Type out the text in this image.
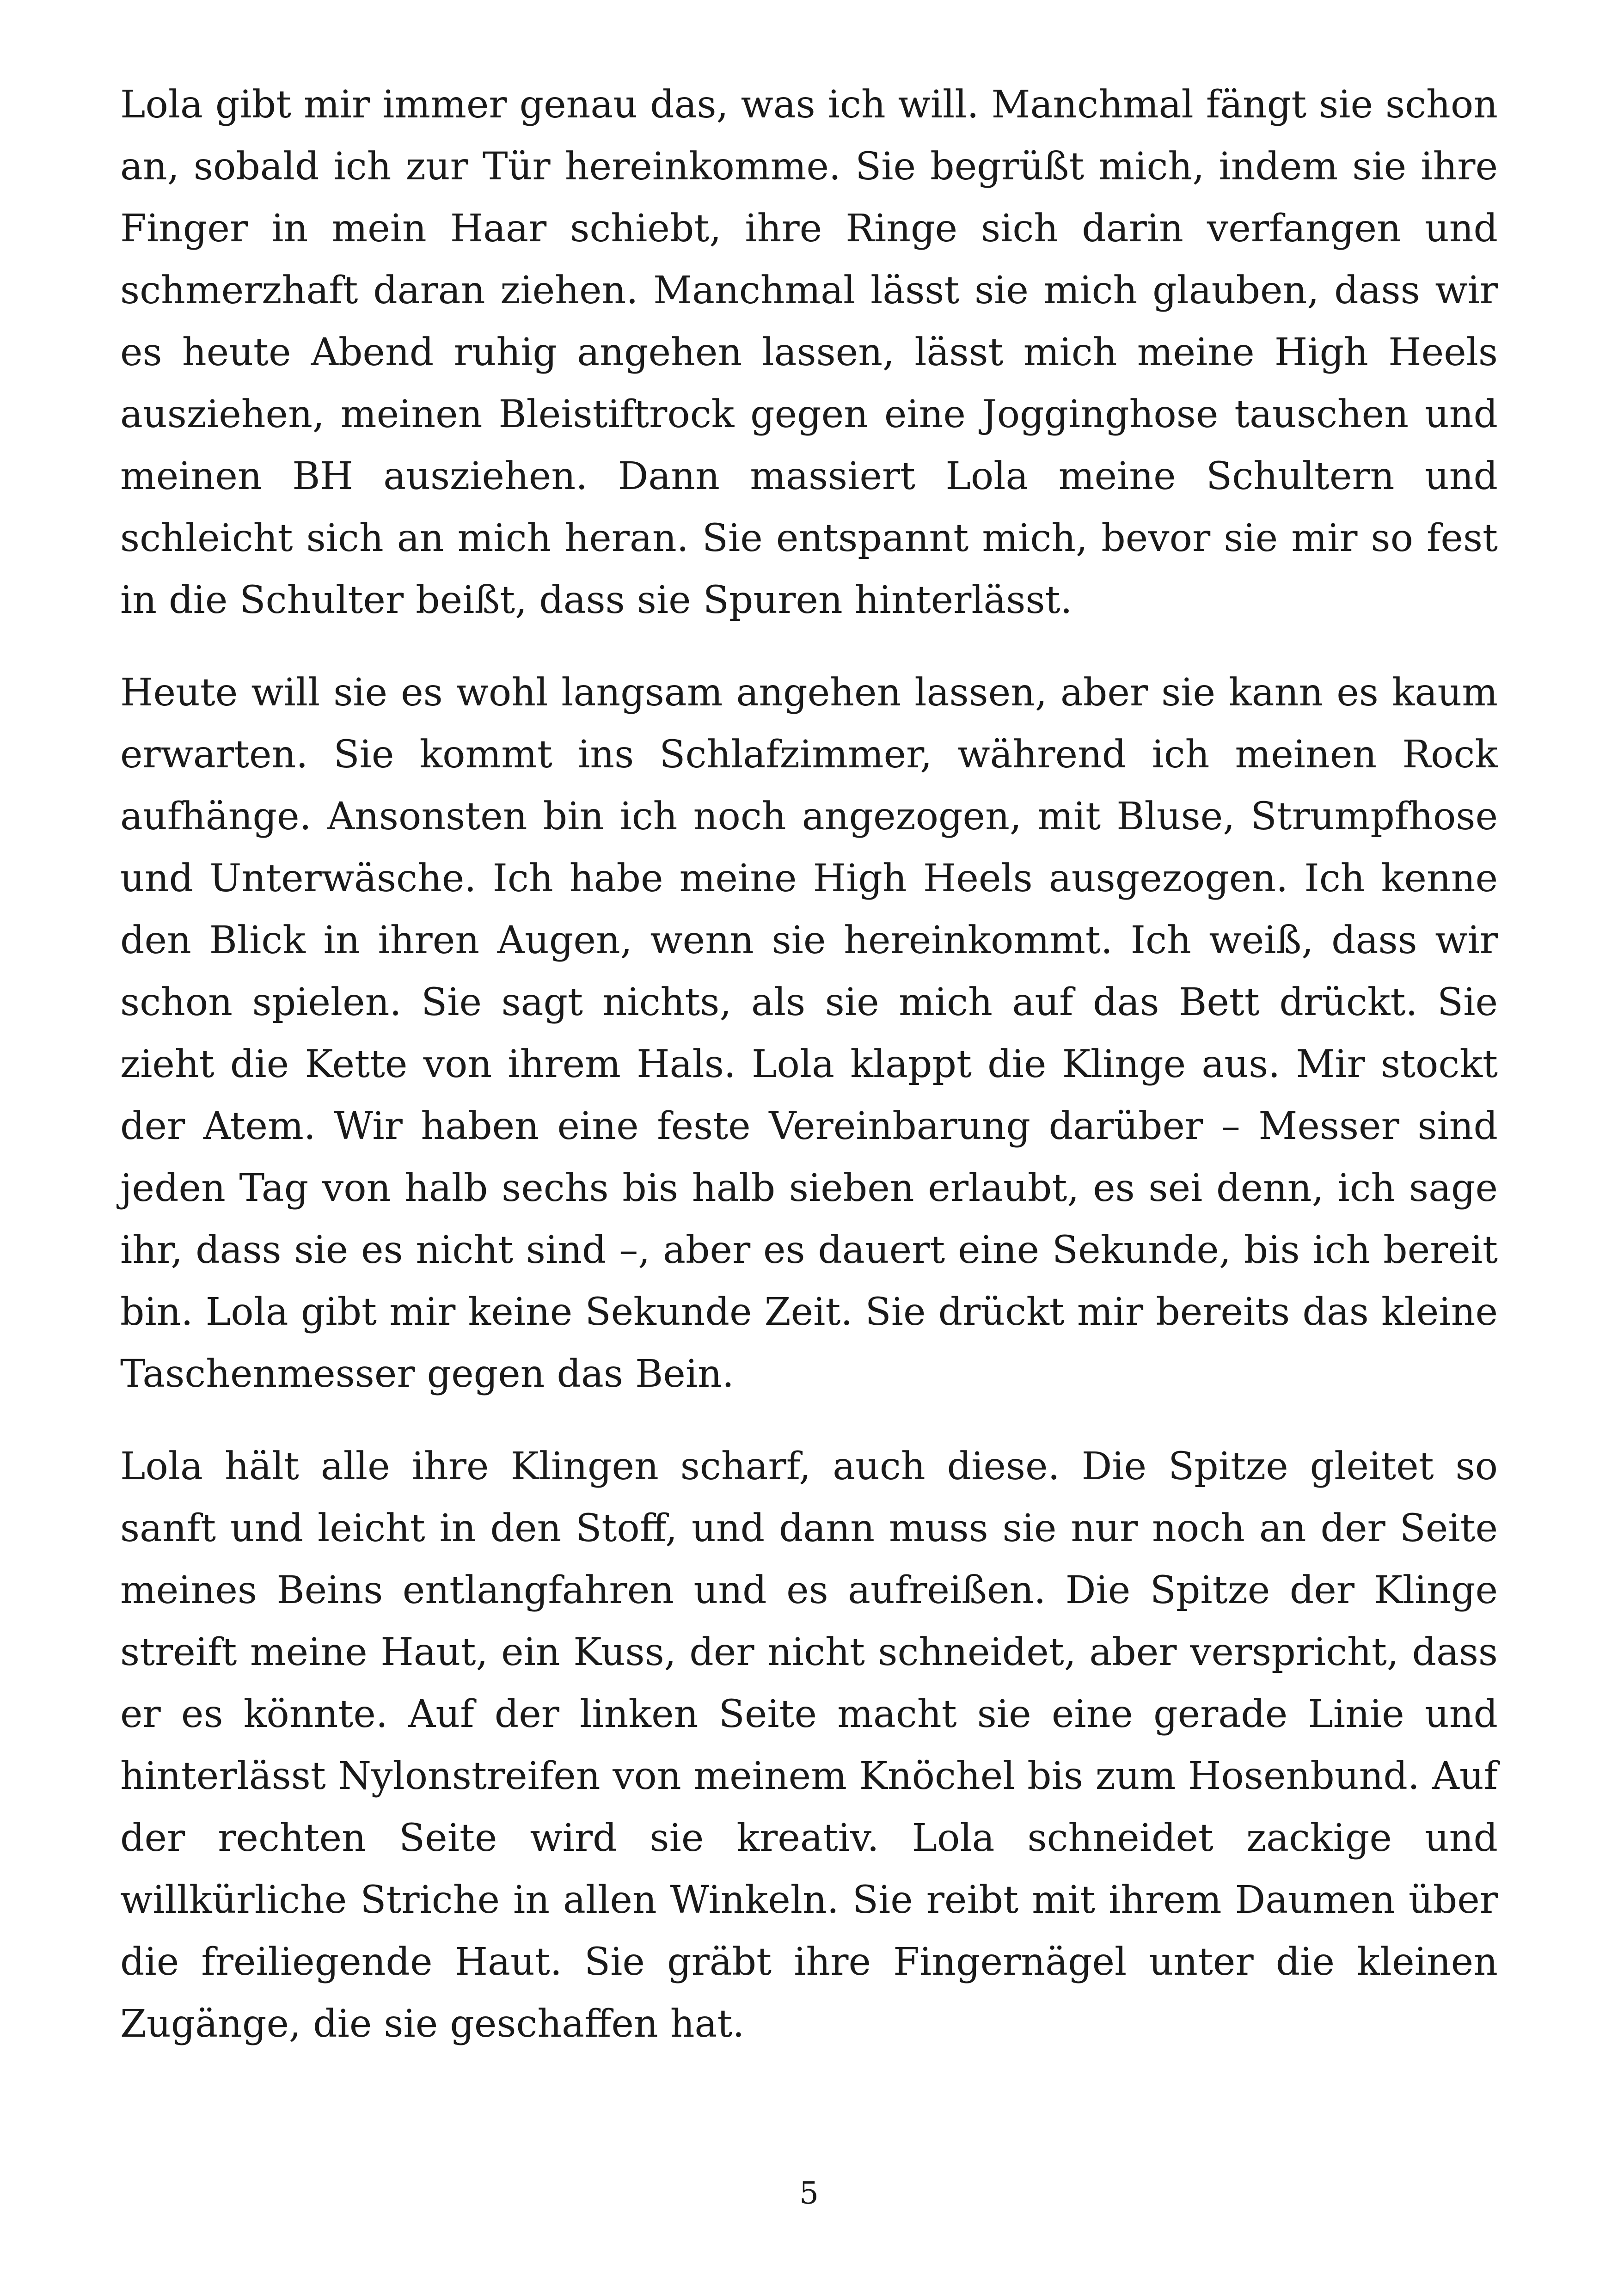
Lola gibt mir immer genau das, was ich will. Manchmal fängt sie schon an, sobald ich zur Tür hereinkomme. Sie begrüßt mich, indem sie ihre Finger in mein Haar schiebt, ihre Ringe sich darin verfangen und schmerzhaft daran ziehen. Manchmal lässt sie mich glauben, dass wir es heute Abend ruhig angehen lassen, lässt mich meine High Heels ausziehen, meinen Bleistiftrock gegen eine Jogginghose tauschen und meinen BH ausziehen. Dann massiert Lola meine Schultern und schleicht sich an mich heran. Sie entspannt mich, bevor sie mir so fest in die Schulter beißt, dass sie Spuren hinterlässt.

Heute will sie es wohl langsam angehen lassen, aber sie kann es kaum erwarten. Sie kommt ins Schlafzimmer, während ich meinen Rock aufhänge. Ansonsten bin ich noch angezogen, mit Bluse, Strumpfhose und Unterwäsche. Ich habe meine High Heels ausgezogen. Ich kenne den Blick in ihren Augen, wenn sie hereinkommt. Ich weiß, dass wir schon spielen. Sie sagt nichts, als sie mich auf das Bett drückt. Sie zieht die Kette von ihrem Hals. Lola klappt die Klinge aus. Mir stockt der Atem. Wir haben eine feste Vereinbarung darüber – Messer sind jeden Tag von halb sechs bis halb sieben erlaubt, es sei denn, ich sage ihr, dass sie es nicht sind –, aber es dauert eine Sekunde, bis ich bereit bin. Lola gibt mir keine Sekunde Zeit. Sie drückt mir bereits das kleine Taschenmesser gegen das Bein.

Lola hält alle ihre Klingen scharf, auch diese. Die Spitze gleitet so sanft und leicht in den Stoff, und dann muss sie nur noch an der Seite meines Beins entlangfahren und es aufreißen. Die Spitze der Klinge streift meine Haut, ein Kuss, der nicht schneidet, aber verspricht, dass er es könnte. Auf der linken Seite macht sie eine gerade Linie und hinterlässt Nylonstreifen von meinem Knöchel bis zum Hosenbund. Auf der rechten Seite wird sie kreativ. Lola schneidet zackige und willkürliche Striche in allen Winkeln. Sie reibt mit ihrem Daumen über die freiliegende Haut. Sie gräbt ihre Fingernägel unter die kleinen Zugänge, die sie geschaffen hat.

5
